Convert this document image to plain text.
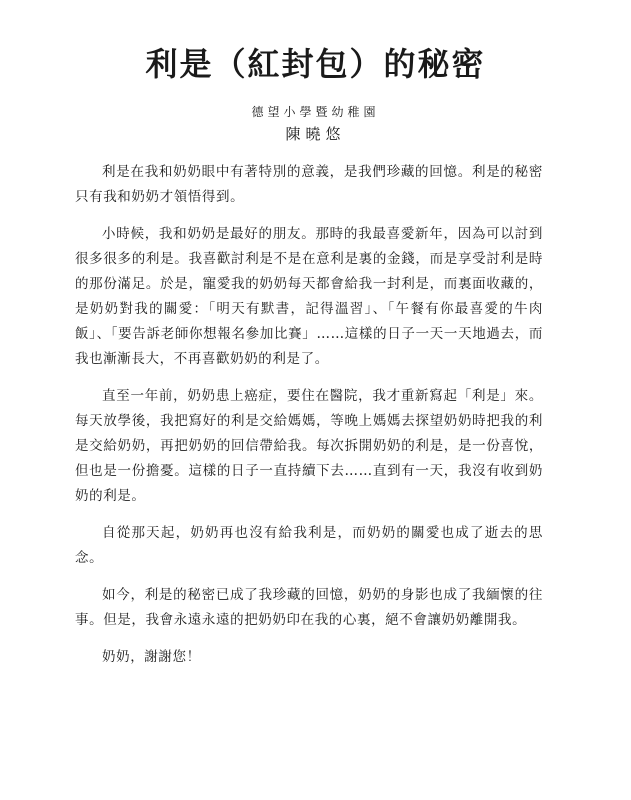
利是（紅封包）的秘密
德望小學暨幼稚園
陳曉悠

利是在我和奶奶眼中有著特別的意義，是我們珍藏的回憶。利是的秘密只有我和奶奶才領悟得到。

小時候，我和奶奶是最好的朋友。那時的我最喜愛新年，因為可以討到很多很多的利是。我喜歡討利是不是在意利是裏的金錢，而是享受討利是時的那份滿足。於是，寵愛我的奶奶每天都會給我一封利是，而裏面收藏的，是奶奶對我的關愛：「明天有默書，記得溫習」、「午餐有你最喜愛的牛肉飯」、「要告訴老師你想報名參加比賽」……這樣的日子一天一天地過去，而我也漸漸長大，不再喜歡奶奶的利是了。

直至一年前，奶奶患上癌症，要住在醫院，我才重新寫起「利是」來。每天放學後，我把寫好的利是交給媽媽，等晚上媽媽去探望奶奶時把我的利是交給奶奶，再把奶奶的回信帶給我。每次拆開奶奶的利是，是一份喜悅，但也是一份擔憂。這樣的日子一直持續下去……直到有一天，我沒有收到奶奶的利是。

自從那天起，奶奶再也沒有給我利是，而奶奶的關愛也成了逝去的思念。

如今，利是的秘密已成了我珍藏的回憶，奶奶的身影也成了我緬懷的往事。但是，我會永遠永遠的把奶奶印在我的心裏，絕不會讓奶奶離開我。

奶奶，謝謝您！
